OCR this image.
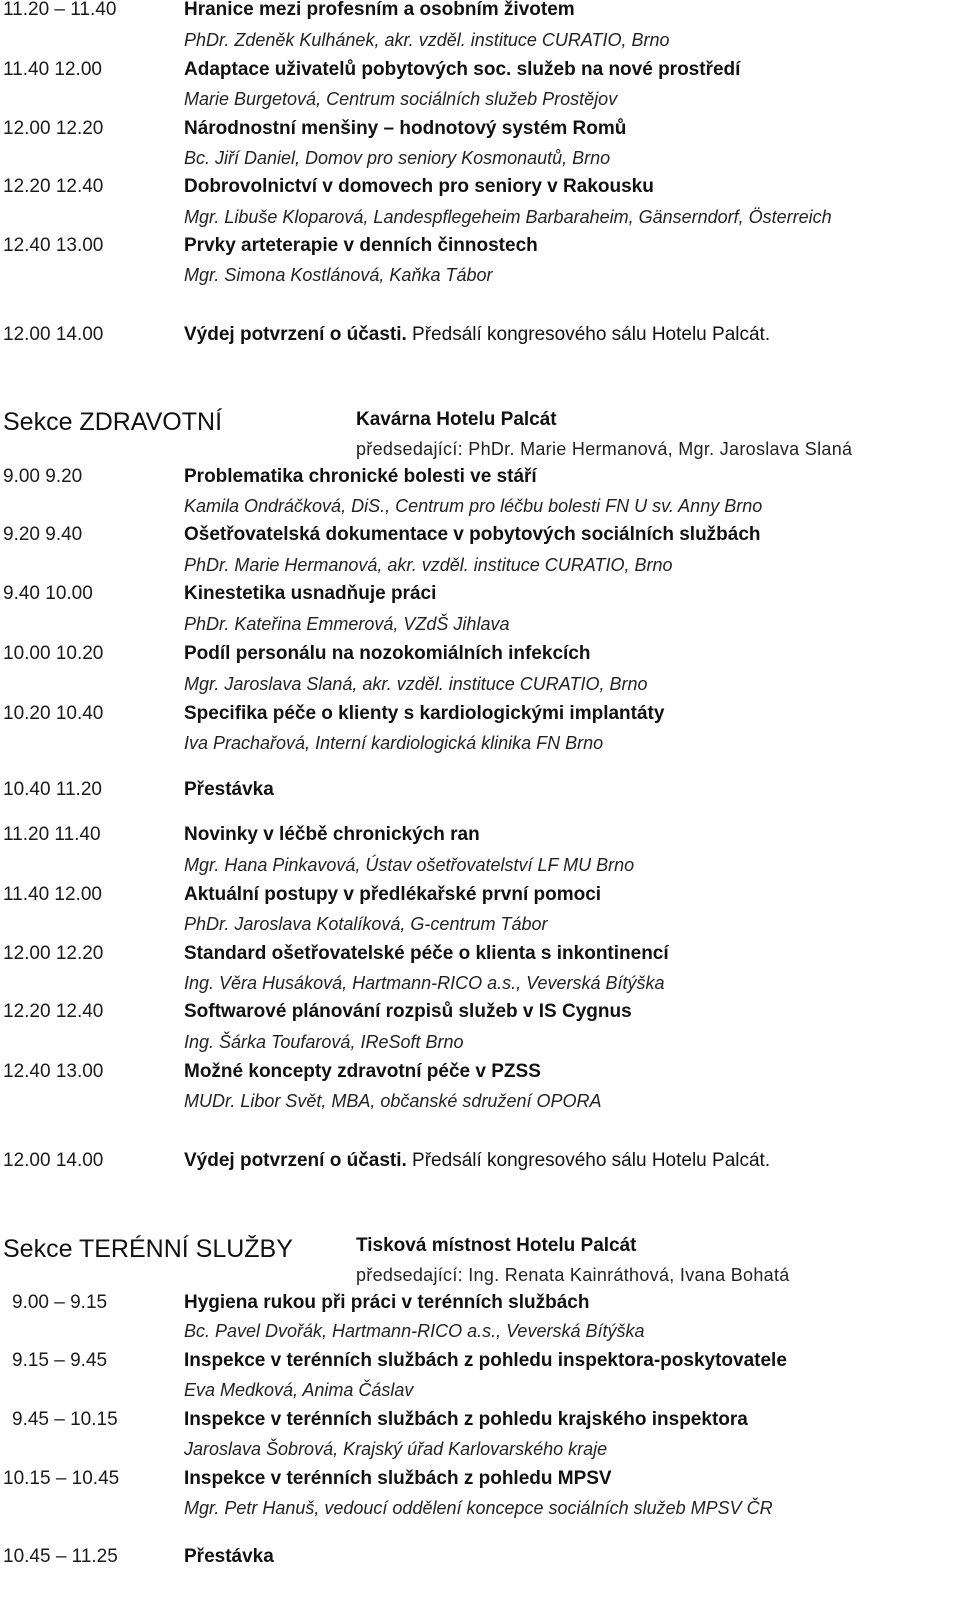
11.20 – 11.40	Hranice mezi profesním a osobním životem
PhDr. Zdeněk Kulhánek, akr. vzděl. instituce CURATIO, Brno
11.40 12.00	Adaptace uživatelů pobytových soc. služeb na nové prostředí
Marie Burgetová, Centrum sociálních služeb Prostějov
12.00 12.20	Národnostní menšiny – hodnotový systém Romů
Bc. Jiří Daniel, Domov pro seniory Kosmonautů, Brno
12.20 12.40	Dobrovolnictví v domovech pro seniory v Rakousku
Mgr. Libuše Kloparová, Landespflegeheim Barbaraheim, Gänserndorf, Österreich
12.40 13.00	Prvky arteterapie v denních činnostech
Mgr. Simona Kostlánová, Kaňka Tábor
12.00 14.00	Výdej potvrzení o účasti. Předsálí kongresového sálu Hotelu Palcát.
Sekce ZDRAVOTNÍ	Kavárna Hotelu Palcát
předsedající: PhDr. Marie Hermanová, Mgr. Jaroslava Slaná
9.00 9.20	Problematika chronické bolesti ve stáří
Kamila Ondráčková, DiS., Centrum pro léčbu bolesti FN U sv. Anny Brno
9.20 9.40	Ošetřovatelská dokumentace v pobytových sociálních službách
PhDr. Marie Hermanová, akr. vzděl. instituce CURATIO, Brno
9.40 10.00	Kinestetika usnadňuje práci
PhDr. Kateřina Emmerová, VZdŠ Jihlava
10.00 10.20	Podíl personálu na nozokomiálních infekcích
Mgr. Jaroslava Slaná, akr. vzděl. instituce CURATIO, Brno
10.20 10.40	Specifika péče o klienty s kardiologickými implantáty
Iva Prachařová, Interní kardiologická klinika FN Brno
10.40 11.20	Přestávka
11.20 11.40	Novinky v léčbě chronických ran
Mgr. Hana Pinkavová, Ústav ošetřovatelství LF MU Brno
11.40 12.00	Aktuální postupy v předlékařské první pomoci
PhDr. Jaroslava Kotalíková, G-centrum Tábor
12.00 12.20	Standard ošetřovatelské péče o klienta s inkontinencí
Ing. Věra Husáková, Hartmann-RICO a.s., Veverská Bítýška
12.20 12.40	Softwarové plánování rozpisů služeb v IS Cygnus
Ing. Šárka Toufarová, IReSoft Brno
12.40 13.00	Možné koncepty zdravotní péče v PZSS
MUDr. Libor Svět, MBA, občanské sdružení OPORA
12.00 14.00	Výdej potvrzení o účasti. Předsálí kongresového sálu Hotelu Palcát.
Sekce TERÉNNÍ SLUŽBY	Tisková místnost Hotelu Palcát
předsedající: Ing. Renata Kainráthová, Ivana Bohatá
9.00 – 9.15	Hygiena rukou při práci v terénních službách
Bc. Pavel Dvořák, Hartmann-RICO a.s., Veverská Bítýška
9.15 – 9.45	Inspekce v terénních službách z pohledu inspektora-poskytovatele
Eva Medková, Anima Čáslav
9.45 – 10.15	Inspekce v terénních službách z pohledu krajského inspektora
Jaroslava Šobrová, Krajský úřad Karlovarského kraje
10.15 – 10.45	Inspekce v terénních službách z pohledu MPSV
Mgr. Petr Hanuš, vedoucí oddělení koncepce sociálních služeb MPSV ČR
10.45 – 11.25	Přestávka
